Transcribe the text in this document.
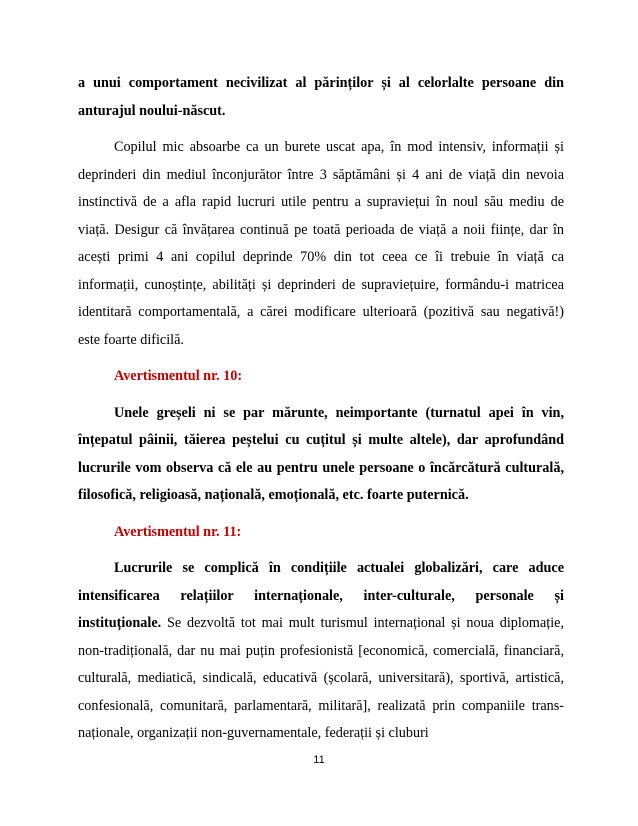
a unui comportament necivilizat al părinților și al celorlalte persoane din anturajul noului-născut.

Copilul mic absoarbe ca un burete uscat apa, în mod intensiv, informații și deprinderi din mediul înconjurător între 3 săptămâni și 4 ani de viață din nevoia instinctivă de a afla rapid lucruri utile pentru a supraviețui în noul său mediu de viață. Desigur că învățarea continuă pe toată perioada de viață a noii ființe, dar în acești primi 4 ani copilul deprinde 70% din tot ceea ce îi trebuie în viață ca informații, cunoștințe, abilități și deprinderi de supraviețuire, formându-i matricea identitară comportamentală, a cărei modificare ulterioară (pozitivă sau negativă!) este foarte dificilă.

Avertismentul nr. 10:

Unele greșeli ni se par mărunte, neimportante (turnatul apei în vin, înțepatul pâinii, tăierea peștelui cu cuțitul și multe altele), dar aprofundând lucrurile vom observa că ele au pentru unele persoane o încărcătură culturală, filosofică, religioasă, națională, emoțională, etc. foarte puternică.

Avertismentul nr. 11:

Lucrurile se complică în condițiile actualei globalizări, care aduce intensificarea relațiilor internaționale, inter-culturale, personale și instituționale. Se dezvoltă tot mai mult turismul internațional și noua diplomație, non-tradițională, dar nu mai puțin profesionistă [economică, comercială, financiară, culturală, mediatică, sindicală, educativă (școlară, universitară), sportivă, artistică, confesională, comunitară, parlamentară, militară], realizată prin companiile trans-naționale, organizații non-guvernamentale, federații și cluburi

11
